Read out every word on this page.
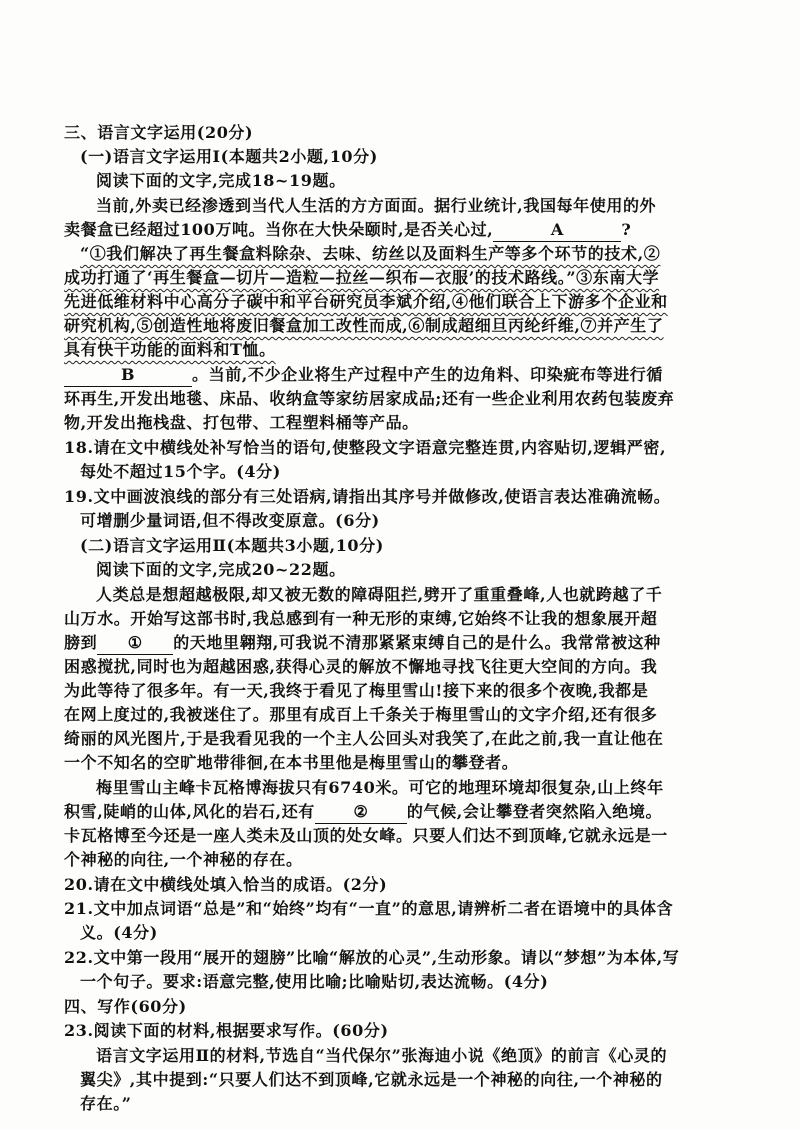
三、语言文字运用(20分)
(一)语言文字运用Ⅰ(本题共2小题,10分)
阅读下面的文字,完成18~19题。
当前,外卖已经渗透到当代人生活的方方面面。据行业统计,我国每年使用的外
卖餐盒已经超过100万吨。当你在大快朵颐时,是否关心过,	A	?
“①我们解决了再生餐盒料除杂、去味、纺丝以及面料生产等多个环节的技术,②
成功打通了‘再生餐盒—切片—造粒—拉丝—织布—衣服’的技术路线。”③东南大学
先进低维材料中心高分子碳中和平台研究员李斌介绍,④他们联合上下游多个企业和
研究机构,⑤创造性地将废旧餐盒加工改性而成,⑥制成超细旦丙纶纤维,⑦并产生了
具有快干功能的面料和T恤。
B	。当前,不少企业将生产过程中产生的边角料、印染疵布等进行循
环再生,开发出地毯、床品、收纳盒等家纺居家成品;还有一些企业利用农药包装废弃
物,开发出拖栈盘、打包带、工程塑料桶等产品。
18.请在文中横线处补写恰当的语句,使整段文字语意完整连贯,内容贴切,逻辑严密,
每处不超过15个字。(4分)
19.文中画波浪线的部分有三处语病,请指出其序号并做修改,使语言表达准确流畅。
可增删少量词语,但不得改变原意。(6分)
(二)语言文字运用Ⅱ(本题共3小题,10分)
阅读下面的文字,完成20~22题。
人类总是想超越极限,却又被无数的障碍阻拦,劈开了重重叠峰,人也就跨越了千
山万水。开始写这部书时,我总感到有一种无形的束缚,它始终不让我的想象展开超
膀到 ① 的天地里翱翔,可我说不清那紧紧束缚自己的是什么。我常常被这种
困惑搅扰,同时也为超越困惑,获得心灵的解放不懈地寻找飞往更大空间的方向。我
为此等待了很多年。有一天,我终于看见了梅里雪山!接下来的很多个夜晚,我都是
在网上度过的,我被迷住了。那里有成百上千条关于梅里雪山的文字介绍,还有很多
绮丽的风光图片,于是我看见我的一个主人公回头对我笑了,在此之前,我一直让他在
一个不知名的空旷地带徘徊,在本书里他是梅里雪山的攀登者。
梅里雪山主峰卡瓦格博海拔只有6740米。可它的地理环境却很复杂,山上终年
积雪,陡峭的山体,风化的岩石,还有 ② 的气候,会让攀登者突然陷入绝境。
卡瓦格博至今还是一座人类未及山顶的处女峰。只要人们达不到顶峰,它就永远是一
个神秘的向往,一个神秘的存在。
20.请在文中横线处填入恰当的成语。(2分)
21.文中加点词语“总是”和“始终”均有“一直”的意思,请辨析二者在语境中的具体含
义。(4分)
22.文中第一段用“展开的翅膀”比喻“解放的心灵”,生动形象。请以“梦想”为本体,写
一个句子。要求:语意完整,使用比喻;比喻贴切,表达流畅。(4分)
四、写作(60分)
23.阅读下面的材料,根据要求写作。(60分)
语言文字运用Ⅱ的材料,节选自“当代保尔”张海迪小说《绝顶》的前言《心灵的
翼尖》,其中提到:“只要人们达不到顶峰,它就永远是一个神秘的向往,一个神秘的
存在。”
